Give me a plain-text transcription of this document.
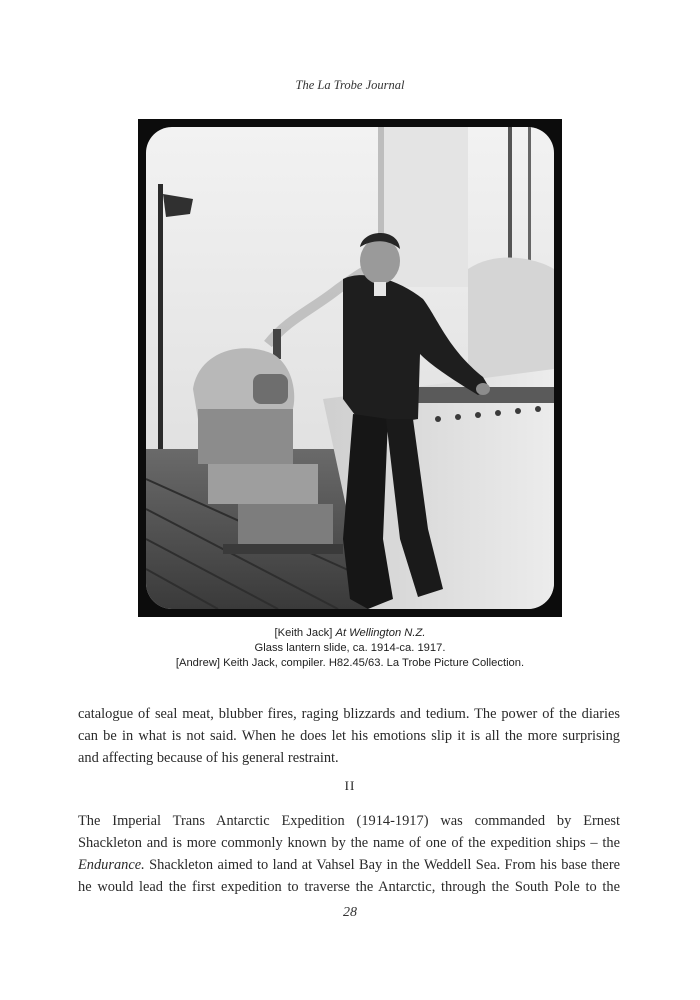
The La Trobe Journal
[Keith Jack] At Wellington N.Z.
Glass lantern slide, ca. 1914-ca. 1917.
[Andrew] Keith Jack, compiler. H82.45/63. La Trobe Picture Collection.
catalogue of seal meat, blubber fires, raging blizzards and tedium. The power of the diaries
can be in what is not said. When he does let his emotions slip it is all the more surprising
and affecting because of his general restraint.
II
The Imperial Trans Antarctic Expedition (1914-1917) was commanded by Ernest
Shackleton and is more commonly known by the name of one of the expedition ships – the
Endurance. Shackleton aimed to land at Vahsel Bay in the Weddell Sea. From his base there
he would lead the first expedition to traverse the Antarctic, through the South Pole to the
28
